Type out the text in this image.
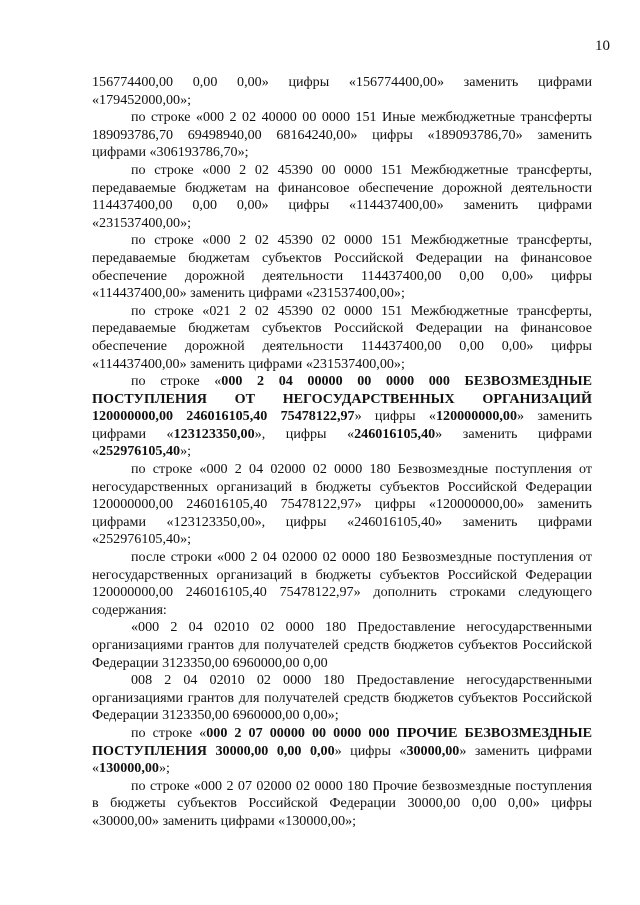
10

156774400,00 0,00 0,00» цифры «156774400,00» заменить цифрами «179452000,00»;

по строке «000 2 02 40000 00 0000 151 Иные межбюджетные трансферты 189093786,70 69498940,00 68164240,00» цифры «189093786,70» заменить цифрами «306193786,70»;

по строке «000 2 02 45390 00 0000 151 Межбюджетные трансферты, передаваемые бюджетам на финансовое обеспечение дорожной деятельности 114437400,00 0,00 0,00» цифры «114437400,00» заменить цифрами «231537400,00»;

по строке «000 2 02 45390 02 0000 151 Межбюджетные трансферты, передаваемые бюджетам субъектов Российской Федерации на финансовое обеспечение дорожной деятельности 114437400,00 0,00 0,00» цифры «114437400,00» заменить цифрами «231537400,00»;

по строке «021 2 02 45390 02 0000 151 Межбюджетные трансферты, передаваемые бюджетам субъектов Российской Федерации на финансовое обеспечение дорожной деятельности 114437400,00 0,00 0,00» цифры «114437400,00» заменить цифрами «231537400,00»;

по строке «000 2 04 00000 00 0000 000 БЕЗВОЗМЕЗДНЫЕ ПОСТУПЛЕНИЯ ОТ НЕГОСУДАРСТВЕННЫХ ОРГАНИЗАЦИЙ 120000000,00 246016105,40 75478122,97» цифры «120000000,00» заменить цифрами «123123350,00», цифры «246016105,40» заменить цифрами «252976105,40»;

по строке «000 2 04 02000 02 0000 180 Безвозмездные поступления от негосударственных организаций в бюджеты субъектов Российской Федерации 120000000,00 246016105,40 75478122,97» цифры «120000000,00» заменить цифрами «123123350,00», цифры «246016105,40» заменить цифрами «252976105,40»;

после строки «000 2 04 02000 02 0000 180 Безвозмездные поступления от негосударственных организаций в бюджеты субъектов Российской Федерации 120000000,00 246016105,40 75478122,97» дополнить строками следующего содержания:

«000 2 04 02010 02 0000 180 Предоставление негосударственными организациями грантов для получателей средств бюджетов субъектов Российской Федерации 3123350,00 6960000,00 0,00

008 2 04 02010 02 0000 180 Предоставление негосударственными организациями грантов для получателей средств бюджетов субъектов Российской Федерации 3123350,00 6960000,00 0,00»;

по строке «000 2 07 00000 00 0000 000 ПРОЧИЕ БЕЗВОЗМЕЗДНЫЕ ПОСТУПЛЕНИЯ 30000,00 0,00 0,00» цифры «30000,00» заменить цифрами «130000,00»;

по строке «000 2 07 02000 02 0000 180 Прочие безвозмездные поступления в бюджеты субъектов Российской Федерации 30000,00 0,00 0,00» цифры «30000,00» заменить цифрами «130000,00»;
